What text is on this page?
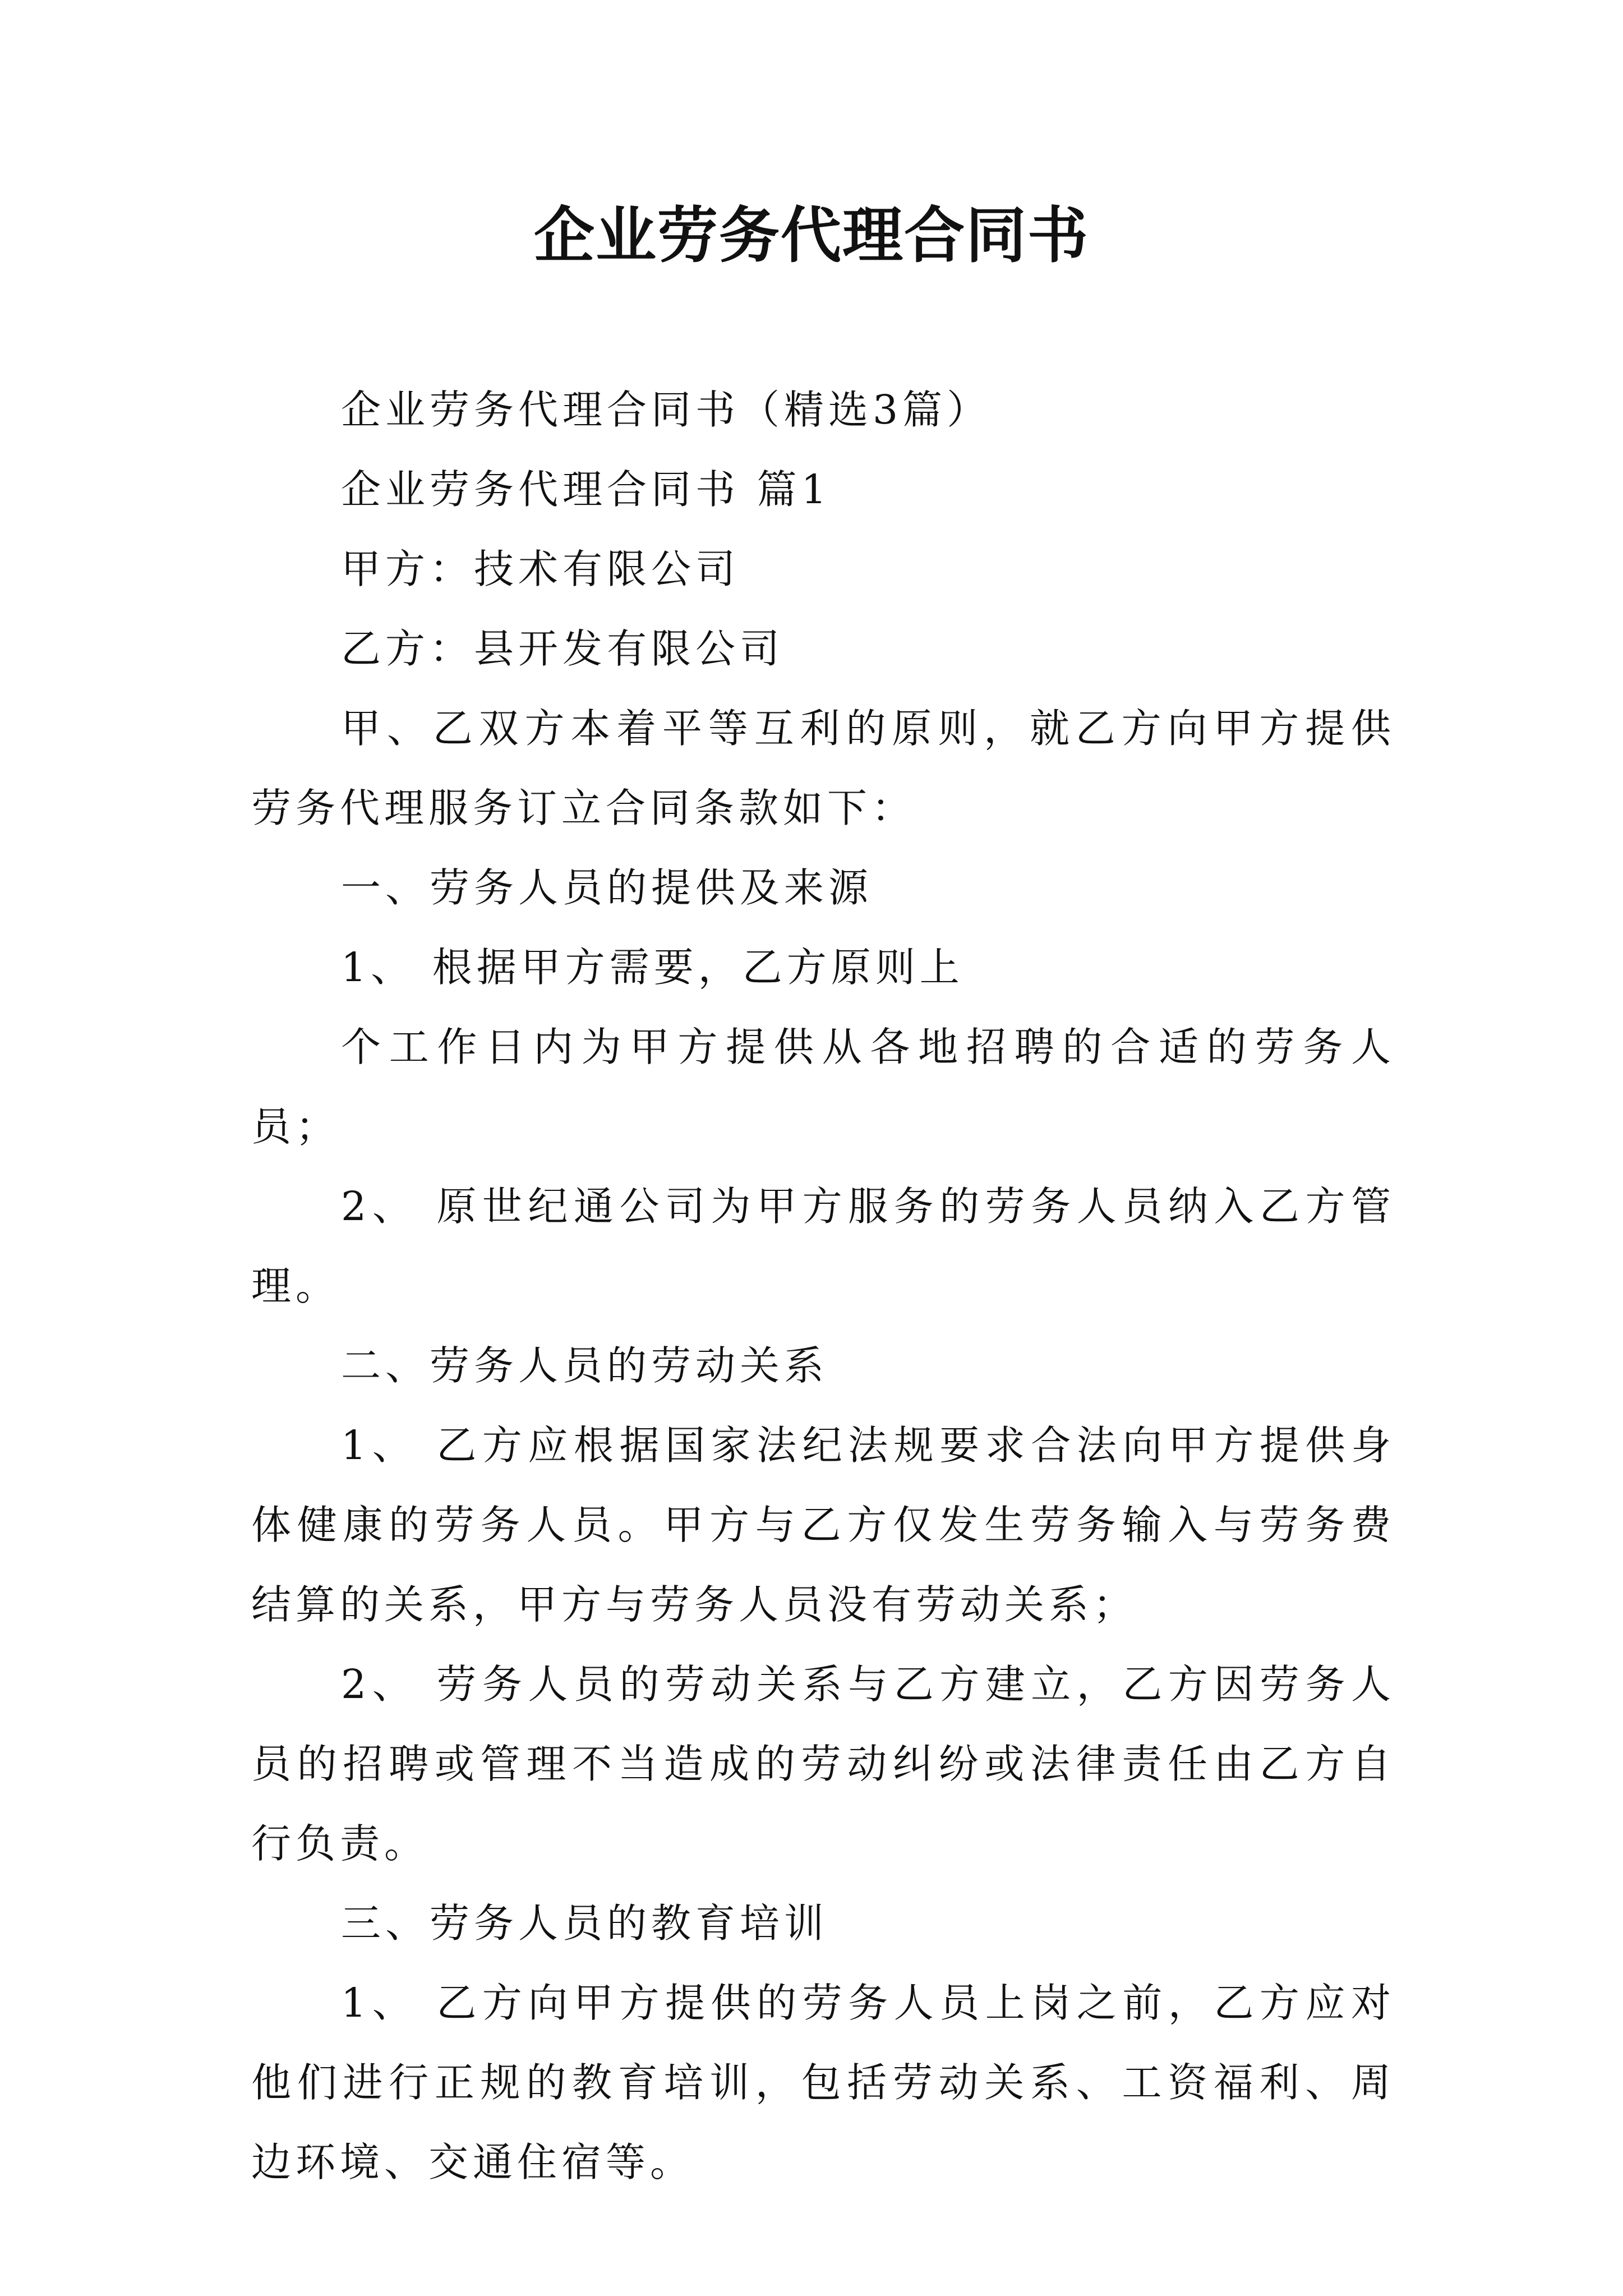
企业劳务代理合同书

企业劳务代理合同书（精选3篇）

企业劳务代理合同书 篇1

甲方：技术有限公司

乙方：县开发有限公司

甲、乙双方本着平等互利的原则，就乙方向甲方提供劳务代理服务订立合同条款如下：

一、劳务人员的提供及来源

1、 根据甲方需要，乙方原则上

个工作日内为甲方提供从各地招聘的合适的劳务人员；

2、 原世纪通公司为甲方服务的劳务人员纳入乙方管理。

二、劳务人员的劳动关系

1、 乙方应根据国家法纪法规要求合法向甲方提供身体健康的劳务人员。甲方与乙方仅发生劳务输入与劳务费结算的关系，甲方与劳务人员没有劳动关系；

2、 劳务人员的劳动关系与乙方建立，乙方因劳务人员的招聘或管理不当造成的劳动纠纷或法律责任由乙方自行负责。

三、劳务人员的教育培训

1、 乙方向甲方提供的劳务人员上岗之前，乙方应对他们进行正规的教育培训，包括劳动关系、工资福利、周边环境、交通住宿等。
